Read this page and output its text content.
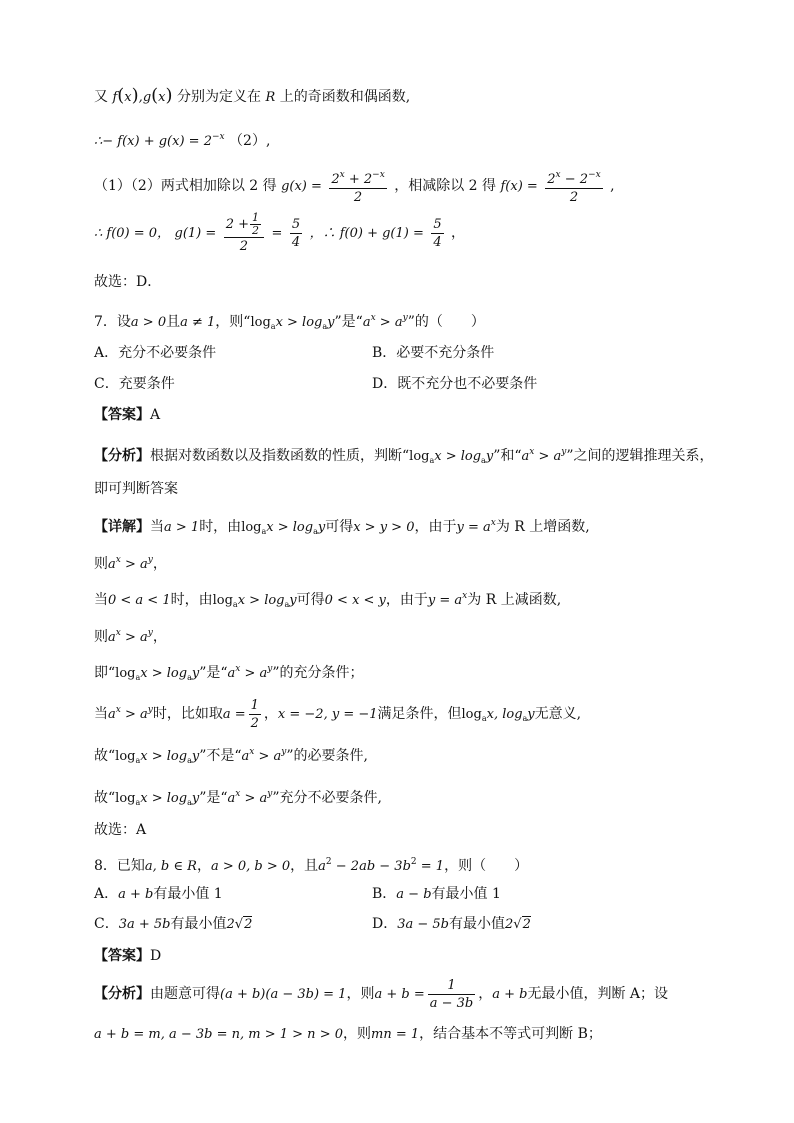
又 f(x),g(x) 分别为定义在 R 上的奇函数和偶函数,
∴− $f(x) + g(x) = 2^{-x}$ （2）,
（1）（2）两式相加除以 2 得 $g(x) = \frac{2^x + 2^{-x}}{2}$ ，相减除以 2 得 $f(x) = \frac{2^x - 2^{-x}}{2}$ ,
∴ f(0) = 0， $g(1) = \frac{2 + \frac{1}{2}}{2} = \frac{5}{4}$ ，∴ $f(0) + g(1) = \frac{5}{4}$ ，
故选：D．
7．设a > 0且a ≠ 1，则“$\log_ax > \log_ay$”是“$a^x > a^y$”的（　　）
A．充分不必要条件	B．必要不充分条件
C．充要条件	D．既不充分也不必要条件
【答案】A
【分析】根据对数函数以及指数函数的性质，判断“$\log_ax > \log_ay$”和“$a^x > a^y$”之间的逻辑推理关系，
即可判断答案
【详解】当a > 1时，由$\log_ax > \log_ay$可得x > y > 0，由于$y = a^x$为 R 上增函数,
则$a^x > a^y$，
当0 < a < 1时，由$\log_ax > \log_ay$可得0 < x < y，由于$y = a^x$为 R 上减函数,
则$a^x > a^y$，
即“$\log_ax > \log_ay$”是“$a^x > a^y$”的充分条件；
当$a^x > a^y$时，比如取$a = \frac{1}{2}$ ，x = −2, y = −1满足条件，但$\log_ax$, $\log_ay$无意义,
故“$\log_ax > \log_ay$”不是“$a^x > a^y$”的必要条件,
故“$\log_ax > \log_ay$”是“$a^x > a^y$”充分不必要条件,
故选：A
8．已知a, b ∈ R，a > 0, b > 0，且$a^2 - 2ab - 3b^2 = 1$，则（　　）
A．a + b有最小值 1	B．a − b有最小值 1
C．3a + 5b有最小值2√2	D．3a − 5b有最小值2√2
【答案】D
【分析】由题意可得(a + b)(a − 3b) = 1，则$a + b = \frac{1}{a - 3b}$ ，a + b无最小值，判断 A；设
a + b = m, a − 3b = n, m > 1 > n > 0，则mn = 1，结合基本不等式可判断 B；
